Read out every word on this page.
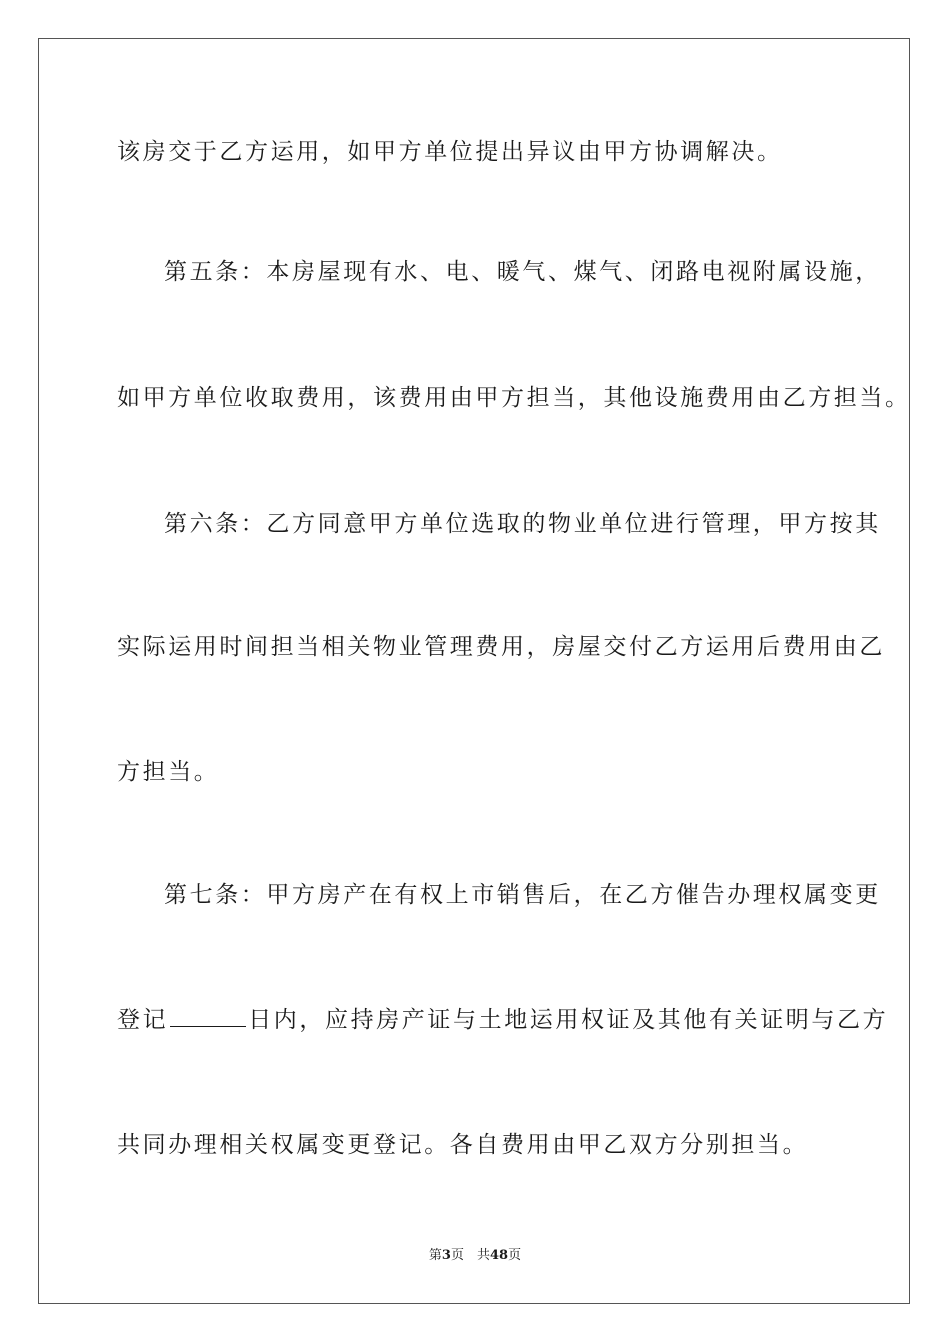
该房交于乙方运用，如甲方单位提出异议由甲方协调解决。
第五条：本房屋现有水、电、暖气、煤气、闭路电视附属设施，
如甲方单位收取费用，该费用由甲方担当，其他设施费用由乙方担当。
第六条：乙方同意甲方单位选取的物业单位进行管理，甲方按其
实际运用时间担当相关物业管理费用，房屋交付乙方运用后费用由乙
方担当。
第七条：甲方房产在有权上市销售后，在乙方催告办理权属变更
登记	日内，应持房产证与土地运用权证及其他有关证明与乙方
共同办理相关权属变更登记。各自费用由甲乙双方分别担当。
第3页　共48页
